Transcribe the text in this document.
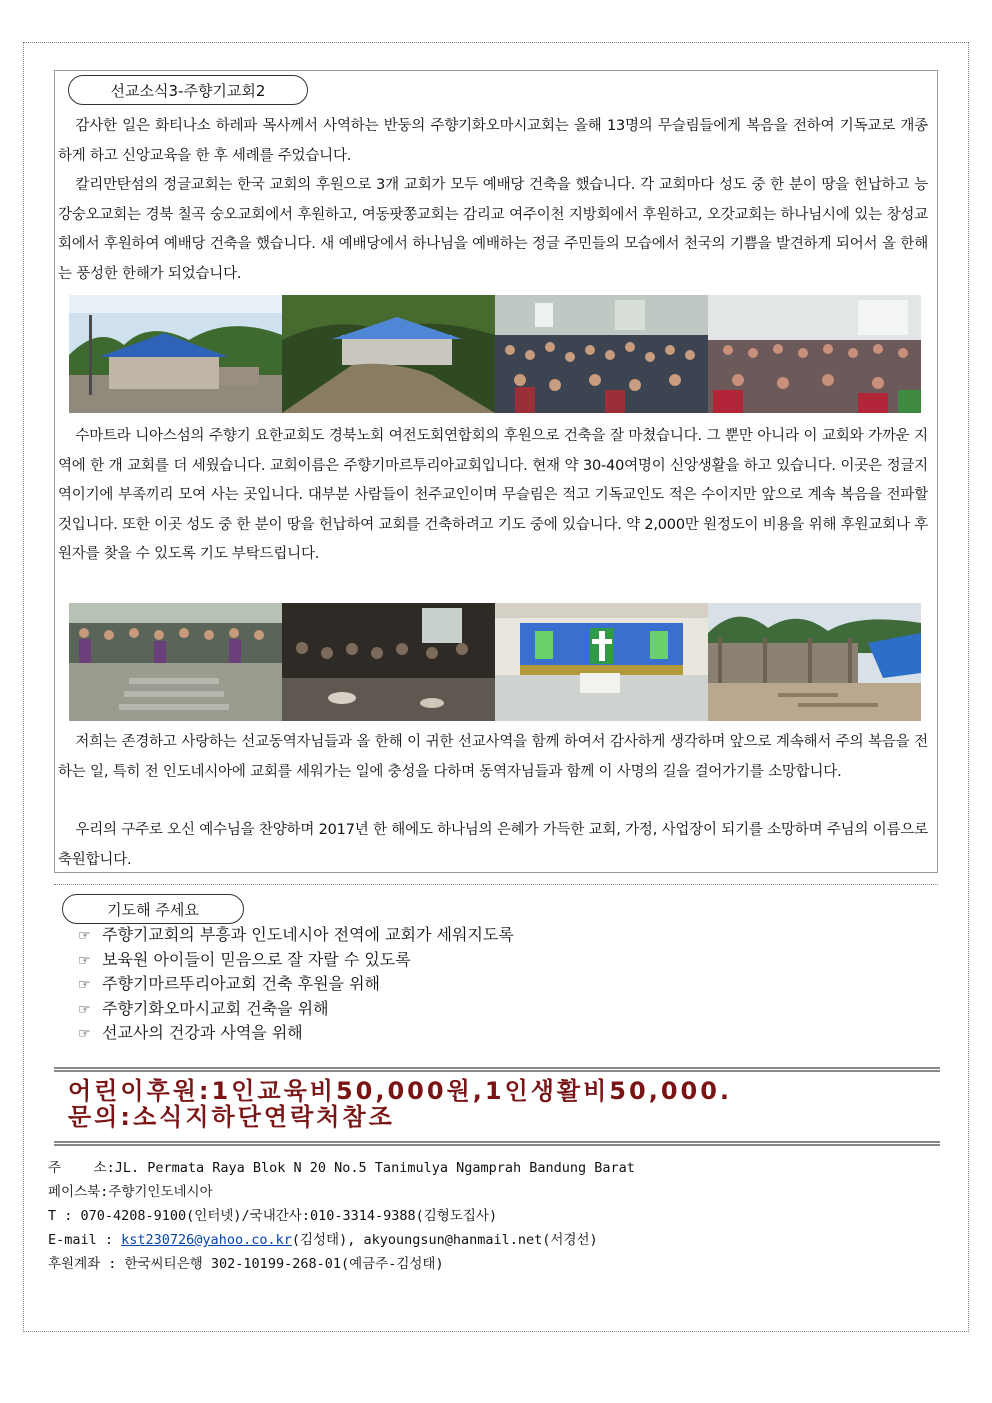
선교소식3-주향기교회2

감사한 일은 화티나소 하레파 목사께서 사역하는 반둥의 주향기화오마시교회는 올해 13명의 무슬림들에게 복음을 전하여 기독교로 개종하게 하고 신앙교육을 한 후 세례를 주었습니다.

칼리만탄섬의 정글교회는 한국 교회의 후원으로 3개 교회가 모두 예배당 건축을 했습니다. 각 교회마다 성도 중 한 분이 땅을 헌납하고 능강숭오교회는 경북 칠곡 숭오교회에서 후원하고, 여동팟쫑교회는 감리교 여주이천 지방회에서 후원하고, 오갓교회는 하나님시에 있는 창성교회에서 후원하여 예배당 건축을 했습니다. 새 예배당에서 하나님을 예배하는 정글 주민들의 모습에서 천국의 기쁨을 발견하게 되어서 올 한해는 풍성한 한해가 되었습니다.

수마트라 니아스섬의 주향기 요한교회도 경북노회 여전도회연합회의 후원으로 건축을 잘 마쳤습니다. 그 뿐만 아니라 이 교회와 가까운 지역에 한 개 교회를 더 세웠습니다. 교회이름은 주향기마르투리아교회입니다. 현재 약 30-40여명이 신앙생활을 하고 있습니다. 이곳은 정글지역이기에 부족끼리 모여 사는 곳입니다. 대부분 사람들이 천주교인이며 무슬림은 적고 기독교인도 적은 수이지만 앞으로 계속 복음을 전파할 것입니다. 또한 이곳 성도 중 한 분이 땅을 헌납하여 교회를 건축하려고 기도 중에 있습니다. 약 2,000만 원정도이 비용을 위해 후원교회나 후원자를 찾을 수 있도록 기도 부탁드립니다.

저희는 존경하고 사랑하는 선교동역자님들과 올 한해 이 귀한 선교사역을 함께 하여서 감사하게 생각하며 앞으로 계속해서 주의 복음을 전하는 일, 특히 전 인도네시아에 교회를 세워가는 일에 충성을 다하며 동역자님들과 함께 이 사명의 길을 걸어가기를 소망합니다.

우리의 구주로 오신 예수님을 찬양하며 2017년 한 해에도 하나님의 은혜가 가득한 교회, 가정, 사업장이 되기를 소망하며 주님의 이름으로 축원합니다.

기도해 주세요
☞ 주향기교회의 부흥과 인도네시아 전역에 교회가 세워지도록
☞ 보육원 아이들이 믿음으로 잘 자랄 수 있도록
☞ 주향기마르뚜리아교회 건축 후원을 위해
☞ 주향기화오마시교회 건축을 위해
☞ 선교사의 건강과 사역을 위해
어린이후원:1인교육비50,000원,1인생활비50,000.
문의:소식지하단연락처참조
주    소:JL. Permata Raya Blok N 20 No.5 Tanimulya Ngamprah Bandung Barat
페이스북:주향기인도네시아
T : 070-4208-9100(인터넷)/국내간사:010-3314-9388(김형도집사)
E-mail : kst230726@yahoo.co.kr(김성태), akyoungsun@hanmail.net(서경선)
후원계좌 : 한국씨티은행 302-10199-268-01(예금주-김성태)
